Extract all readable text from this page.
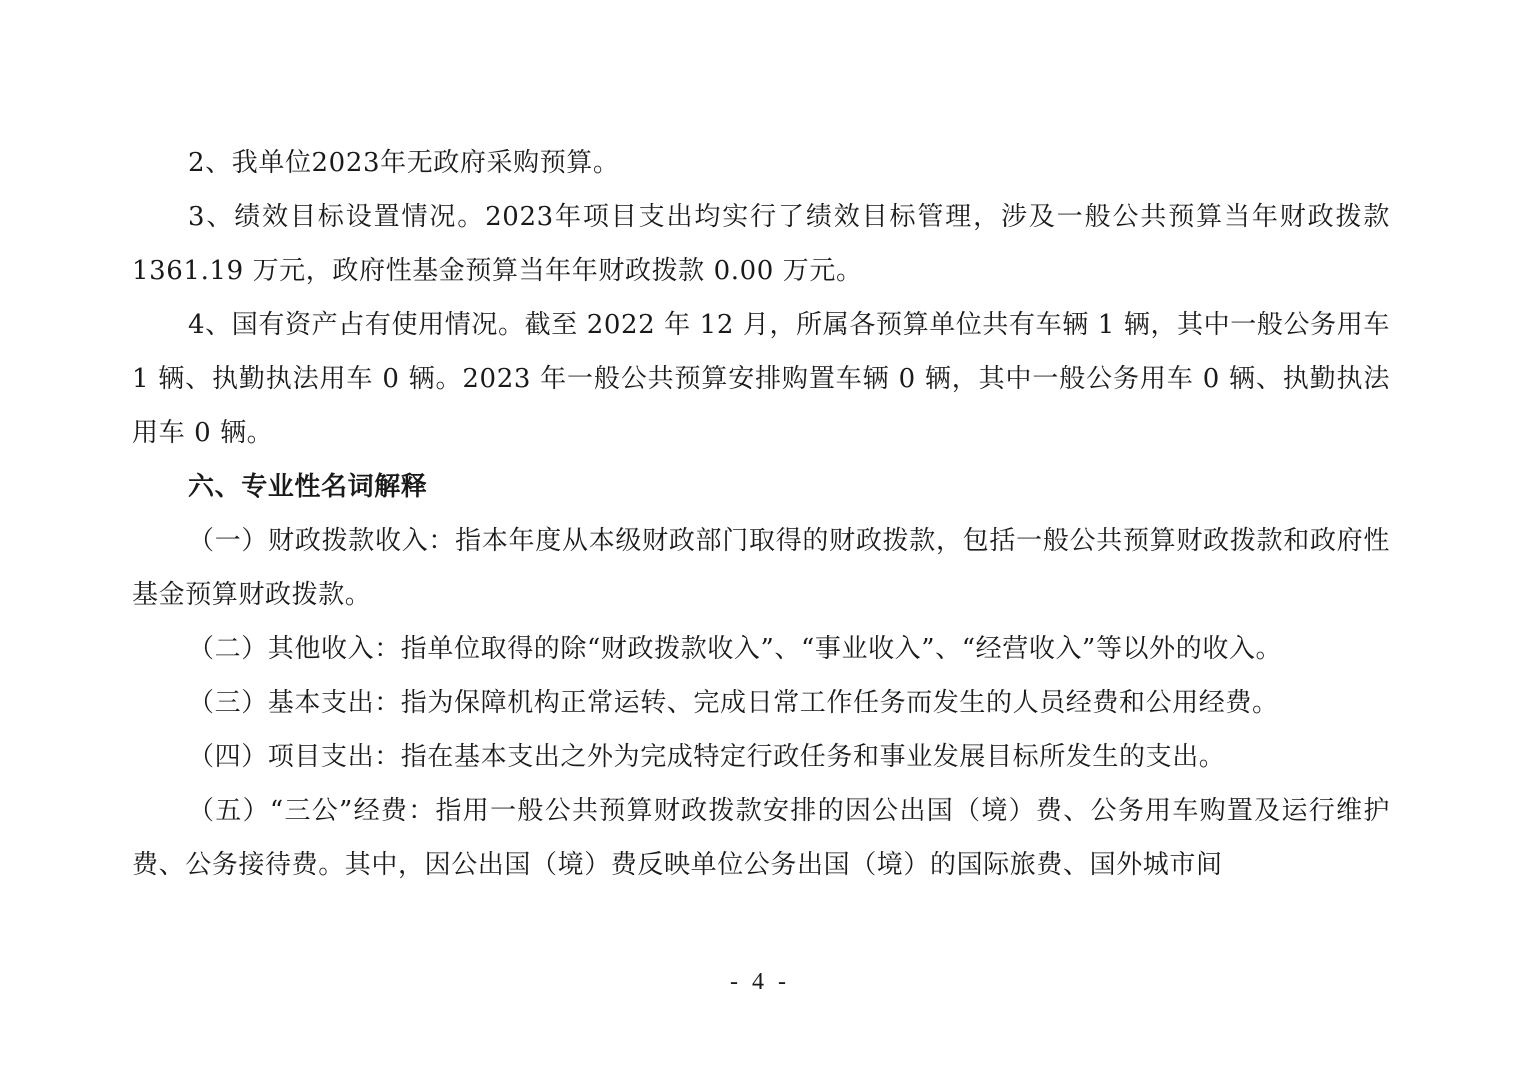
2、我单位2023年无政府采购预算。

3、绩效目标设置情况。2023年项目支出均实行了绩效目标管理，涉及一般公共预算当年财政拨款 1361.19 万元，政府性基金预算当年年财政拨款 0.00 万元。

4、国有资产占有使用情况。截至 2022 年 12 月，所属各预算单位共有车辆 1 辆，其中一般公务用车 1 辆、执勤执法用车 0 辆。2023 年一般公共预算安排购置车辆 0 辆，其中一般公务用车 0 辆、执勤执法用车 0 辆。

六、专业性名词解释

（一）财政拨款收入：指本年度从本级财政部门取得的财政拨款，包括一般公共预算财政拨款和政府性基金预算财政拨款。

（二）其他收入：指单位取得的除“财政拨款收入”、“事业收入”、“经营收入”等以外的收入。

（三）基本支出：指为保障机构正常运转、完成日常工作任务而发生的人员经费和公用经费。

（四）项目支出：指在基本支出之外为完成特定行政任务和事业发展目标所发生的支出。

（五）“三公”经费：指用一般公共预算财政拨款安排的因公出国（境）费、公务用车购置及运行维护费、公务接待费。其中，因公出国（境）费反映单位公务出国（境）的国际旅费、国外城市间

- 4 -
